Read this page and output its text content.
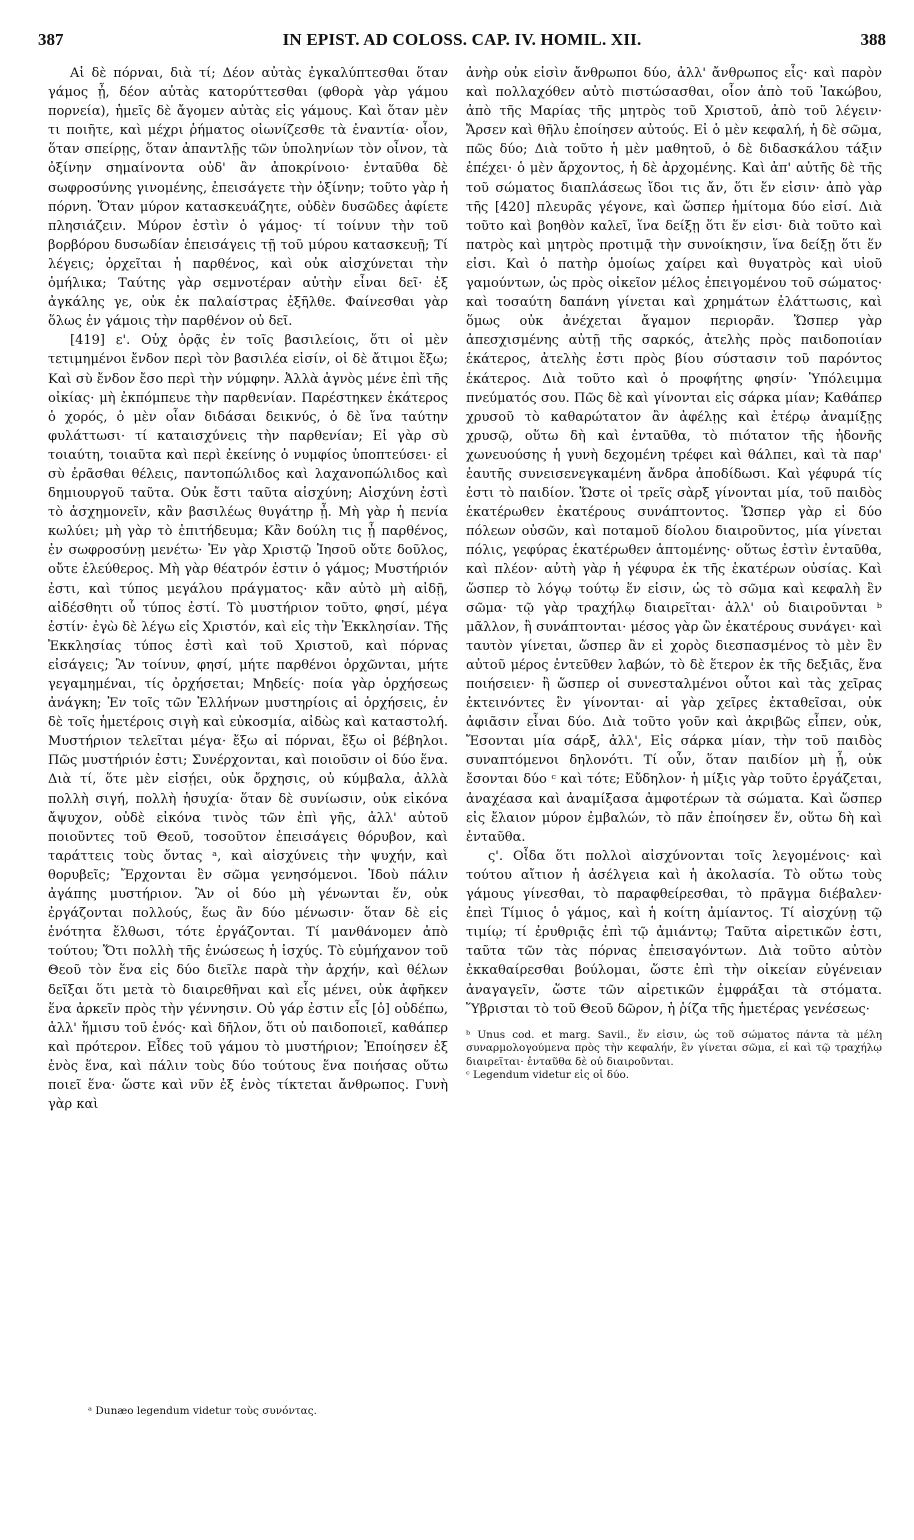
387	IN EPIST. AD COLOSS. CAP. IV. HOMIL. XII.	388

Αἱ δὲ πόρναι, διὰ τί; Δέον αὐτὰς ἐγκαλύπτεσθαι ὅταν γάμος ᾖ, δέον αὐτὰς κατορύττεσθαι (φθορὰ γὰρ γάμου πορνεία), ἡμεῖς δὲ ἄγομεν αὐτὰς εἰς γάμους. Καὶ ὅταν μὲν τι ποιῆτε, καὶ μέχρι ῥήματος οἰωνίζεσθε τὰ ἐναντία· οἷον, ὅταν σπείρῃς, ὅταν ἀπαντλῇς τῶν ὑποληνίων τὸν οἶνον, τὰ ὀξίνην σημαίνοντα οὐδ' ἂν ἀποκρίνοιο· ἐνταῦθα δὲ σωφροσύνης γινομένης, ἐπεισάγετε τὴν ὀξίνην; τοῦτο γὰρ ἡ πόρνη. Ὅταν μύρον κατασκευάζητε, οὐδὲν δυσῶδες ἀφίετε πλησιάζειν. Μύρον ἐστὶν ὁ γάμος· τί τοίνυν τὴν τοῦ βορβόρου δυσωδίαν ἐπεισάγεις τῇ τοῦ μύρου κατασκευῇ; Τί λέγεις; ὀρχεῖται ἡ παρθένος, καὶ οὐκ αἰσχύνεται τὴν ὁμήλικα; Ταύτης γὰρ σεμνοτέραν αὐτὴν εἶναι δεῖ· ἐξ ἀγκάλης γε, οὐκ ἐκ παλαίστρας ἐξῆλθε. Φαίνεσθαι γὰρ ὅλως ἐν γάμοις τὴν παρθένον οὐ δεῖ.

[419] ε'. Οὐχ ὁρᾷς ἐν τοῖς βασιλείοις, ὅτι οἱ μὲν τετιμημένοι ἔνδον περὶ τὸν βασιλέα εἰσίν, οἱ δὲ ἄτιμοι ἔξω; Καὶ σὺ ἔνδον ἔσο περὶ τὴν νύμφην. Ἀλλὰ ἁγνὸς μένε ἐπὶ τῆς οἰκίας· μὴ ἐκπόμπευε τὴν παρθενίαν. Παρέστηκεν ἑκάτερος ὁ χορός, ὁ μὲν οἷαν διδάσαι δεικνύς, ὁ δὲ ἵνα ταύτην φυλάττωσι· τί καταισχύνεις τὴν παρθενίαν; Εἰ γὰρ σὺ τοιαύτη, τοιαῦτα καὶ περὶ ἐκείνης ὁ νυμφίος ὑποπτεύσει· εἰ σὺ ἐρᾶσθαι θέλεις, παντοπώλιδος καὶ λαχανοπώλιδος καὶ δημιουργοῦ ταῦτα. Οὐκ ἔστι ταῦτα αἰσχύνη; Αἰσχύνη ἐστὶ τὸ ἀσχημονεῖν, κἂν βασιλέως θυγάτηρ ᾖ. Μὴ γὰρ ἡ πενία κωλύει; μὴ γὰρ τὸ ἐπιτήδευμα; Κἂν δούλη τις ᾖ παρθένος, ἐν σωφροσύνῃ μενέτω· Ἐν γὰρ Χριστῷ Ἰησοῦ οὔτε δοῦλος, οὔτε ἐλεύθερος. Μὴ γὰρ θέατρόν ἐστιν ὁ γάμος; Μυστήριόν ἐστι, καὶ τύπος μεγάλου πράγματος· κἂν αὐτὸ μὴ αἰδῇ, αἰδέσθητι οὗ τύπος ἐστί. Τὸ μυστήριον τοῦτο, φησί, μέγα ἐστίν· ἐγὼ δὲ λέγω εἰς Χριστόν, καὶ εἰς τὴν Ἐκκλησίαν. Τῆς Ἐκκλησίας τύπος ἐστὶ καὶ τοῦ Χριστοῦ, καὶ πόρνας εἰσάγεις; Ἂν τοίνυν, φησί, μήτε παρθένοι ὀρχῶνται, μήτε γεγαμημέναι, τίς ὀρχήσεται; Μηδείς· ποία γὰρ ὀρχήσεως ἀνάγκη; Ἐν τοῖς τῶν Ἑλλήνων μυστηρίοις αἱ ὀρχήσεις, ἐν δὲ τοῖς ἡμετέροις σιγὴ καὶ εὐκοσμία, αἰδὼς καὶ καταστολή. Μυστήριον τελεῖται μέγα· ἔξω αἱ πόρναι, ἔξω οἱ βέβηλοι. Πῶς μυστήριόν ἐστι; Συνέρχονται, καὶ ποιοῦσιν οἱ δύο ἕνα. Διὰ τί, ὅτε μὲν εἰσῄει, οὐκ ὄρχησις, οὐ κύμβαλα, ἀλλὰ πολλὴ σιγή, πολλὴ ἡσυχία· ὅταν δὲ συνίωσιν, οὐκ εἰκόνα ἄψυχον, οὐδὲ εἰκόνα τινὸς τῶν ἐπὶ γῆς, ἀλλ' αὐτοῦ ποιοῦντες τοῦ Θεοῦ, τοσοῦτον ἐπεισάγεις θόρυβον, καὶ ταράττεις τοὺς ὄντας ᵃ, καὶ αἰσχύνεις τὴν ψυχήν, καὶ θορυβεῖς; Ἔρχονται ἓν σῶμα γενησόμενοι. Ἰδοὺ πάλιν ἀγάπης μυστήριον. Ἂν οἱ δύο μὴ γένωνται ἕν, οὐκ ἐργάζονται πολλούς, ἕως ἂν δύο μένωσιν· ὅταν δὲ εἰς ἑνότητα ἔλθωσι, τότε ἐργάζονται. Τί μανθάνομεν ἀπὸ τούτου; Ὅτι πολλὴ τῆς ἑνώσεως ἡ ἰσχύς. Τὸ εὐμήχανον τοῦ Θεοῦ τὸν ἕνα εἰς δύο διεῖλε παρὰ τὴν ἀρχήν, καὶ θέλων δεῖξαι ὅτι μετὰ τὸ διαιρεθῆναι καὶ εἷς μένει, οὐκ ἀφῆκεν ἕνα ἀρκεῖν πρὸς τὴν γέννησιν. Οὐ γάρ ἐστιν εἷς [ὁ] οὐδέπω, ἀλλ' ἥμισυ τοῦ ἑνός· καὶ δῆλον, ὅτι οὐ παιδοποιεῖ, καθάπερ καὶ πρότερον. Εἶδες τοῦ γάμου τὸ μυστήριον; Ἐποίησεν ἐξ ἑνὸς ἕνα, καὶ πάλιν τοὺς δύο τούτους ἕνα ποιήσας οὕτω ποιεῖ ἕνα· ὥστε καὶ νῦν ἐξ ἑνὸς τίκτεται ἄνθρωπος. Γυνὴ γὰρ καὶ

ἀνὴρ οὐκ εἰσὶν ἄνθρωποι δύο, ἀλλ' ἄνθρωπος εἷς· καὶ παρὸν καὶ πολλαχόθεν αὐτὸ πιστώσασθαι, οἷον ἀπὸ τοῦ Ἰακώβου, ἀπὸ τῆς Μαρίας τῆς μητρὸς τοῦ Χριστοῦ, ἀπὸ τοῦ λέγειν· Ἄρσεν καὶ θῆλυ ἐποίησεν αὐτούς. Εἰ ὁ μὲν κεφαλή, ἡ δὲ σῶμα, πῶς δύο; Διὰ τοῦτο ἡ μὲν μαθητοῦ, ὁ δὲ διδασκάλου τάξιν ἐπέχει· ὁ μὲν ἄρχοντος, ἡ δὲ ἀρχομένης. Καὶ ἀπ' αὐτῆς δὲ τῆς τοῦ σώματος διαπλάσεως ἴδοι τις ἄν, ὅτι ἕν εἰσιν· ἀπὸ γὰρ τῆς [420] πλευρᾶς γέγονε, καὶ ὥσπερ ἡμίτομα δύο εἰσί. Διὰ τοῦτο καὶ βοηθὸν καλεῖ, ἵνα δείξῃ ὅτι ἕν εἰσι· διὰ τοῦτο καὶ πατρὸς καὶ μητρὸς προτιμᾷ τὴν συνοίκησιν, ἵνα δείξῃ ὅτι ἕν εἰσι. Καὶ ὁ πατὴρ ὁμοίως χαίρει καὶ θυγατρὸς καὶ υἱοῦ γαμούντων, ὡς πρὸς οἰκεῖον μέλος ἐπειγομένου τοῦ σώματος· καὶ τοσαύτη δαπάνη γίνεται καὶ χρημάτων ἐλάττωσις, καὶ ὅμως οὐκ ἀνέχεται ἄγαμον περιορᾶν. Ὥσπερ γὰρ ἀπεσχισμένης αὐτῇ τῆς σαρκός, ἀτελὴς πρὸς παιδοποιίαν ἑκάτερος, ἀτελὴς ἐστι πρὸς βίου σύστασιν τοῦ παρόντος ἑκάτερος. Διὰ τοῦτο καὶ ὁ προφήτης φησίν· Ὑπόλειμμα πνεύματός σου. Πῶς δὲ καὶ γίνονται εἰς σάρκα μίαν; Καθάπερ χρυσοῦ τὸ καθαρώτατον ἂν ἀφέλῃς καὶ ἑτέρῳ ἀναμίξῃς χρυσῷ, οὕτω δὴ καὶ ἐνταῦθα, τὸ πιότατον τῆς ἡδονῆς χωνευούσης ἡ γυνὴ δεχομένη τρέφει καὶ θάλπει, καὶ τὰ παρ' ἑαυτῆς συνεισενεγκαμένη ἄνδρα ἀποδίδωσι. Καὶ γέφυρά τίς ἐστι τὸ παιδίον. Ὥστε οἱ τρεῖς σὰρξ γίνονται μία, τοῦ παιδὸς ἑκατέρωθεν ἑκατέρους συνάπτοντος. Ὥσπερ γὰρ εἰ δύο πόλεων οὐσῶν, καὶ ποταμοῦ δίολου διαιροῦντος, μία γίνεται πόλις, γεφύρας ἑκατέρωθεν ἁπτομένης· οὕτως ἐστὶν ἐνταῦθα, καὶ πλέον· αὐτὴ γὰρ ἡ γέφυρα ἐκ τῆς ἑκατέρων οὐσίας. Καὶ ὥσπερ τὸ λόγῳ τούτῳ ἕν εἰσιν, ὡς τὸ σῶμα καὶ κεφαλὴ ἓν σῶμα· τῷ γὰρ τραχήλῳ διαιρεῖται· ἀλλ' οὐ διαιροῦνται ᵇ μᾶλλον, ἢ συνάπτονται· μέσος γὰρ ὢν ἑκατέρους συνάγει· καὶ ταυτὸν γίνεται, ὥσπερ ἂν εἰ χορὸς διεσπασμένος τὸ μὲν ἓν αὐτοῦ μέρος ἐντεῦθεν λαβών, τὸ δὲ ἕτερον ἐκ τῆς δεξιᾶς, ἕνα ποιήσειεν· ἢ ὥσπερ οἱ συνεσταλμένοι οὗτοι καὶ τὰς χεῖρας ἐκτεινόντες ἓν γίνονται· αἱ γὰρ χεῖρες ἐκταθεῖσαι, οὐκ ἀφιᾶσιν εἶναι δύο. Διὰ τοῦτο γοῦν καὶ ἀκριβῶς εἶπεν, οὐκ, Ἔσονται μία σάρξ, ἀλλ', Εἰς σάρκα μίαν, τὴν τοῦ παιδὸς συναπτόμενοι δηλονότι. Τί οὖν, ὅταν παιδίον μὴ ᾖ, οὐκ ἔσονται δύο ᶜ καὶ τότε; Εὔδηλον· ἡ μίξις γὰρ τοῦτο ἐργάζεται, ἀναχέασα καὶ ἀναμίξασα ἀμφοτέρων τὰ σώματα. Καὶ ὥσπερ εἰς ἔλαιον μύρον ἐμβαλών, τὸ πᾶν ἐποίησεν ἕν, οὕτω δὴ καὶ ἐνταῦθα.

ς'. Οἶδα ὅτι πολλοὶ αἰσχύνονται τοῖς λεγομένοις· καὶ τούτου αἴτιον ἡ ἀσέλγεια καὶ ἡ ἀκολασία. Τὸ οὕτω τοὺς γάμους γίνεσθαι, τὸ παραφθείρεσθαι, τὸ πρᾶγμα διέβαλεν· ἐπεὶ Τίμιος ὁ γάμος, καὶ ἡ κοίτη ἀμίαντος. Τί αἰσχύνῃ τῷ τιμίῳ; τί ἐρυθριᾷς ἐπὶ τῷ ἀμιάντῳ; Ταῦτα αἱρετικῶν ἐστι, ταῦτα τῶν τὰς πόρνας ἐπεισαγόντων. Διὰ τοῦτο αὐτὸν ἐκκαθαίρεσθαι βούλομαι, ὥστε ἐπὶ τὴν οἰκείαν εὐγένειαν ἀναγαγεῖν, ὥστε τῶν αἱρετικῶν ἐμφράξαι τὰ στόματα. Ὕβρισται τὸ τοῦ Θεοῦ δῶρον, ἡ ῥίζα τῆς ἡμετέρας γενέσεως·

ᵇ Unus cod. et marg. Savil., ἕν εἰσιν, ὡς τοῦ σώματος πάντα τὰ μέλη συναρμολογούμενα πρὸς τὴν κεφαλήν, ἓν γίνεται σῶμα, εἰ καὶ τῷ τραχήλῳ διαιρεῖται· ἐνταῦθα δὲ οὐ διαιροῦνται.

ᶜ Legendum videtur εἰς οἱ δύο.

ᵃ Dunæo legendum videtur τοὺς συνόντας.
